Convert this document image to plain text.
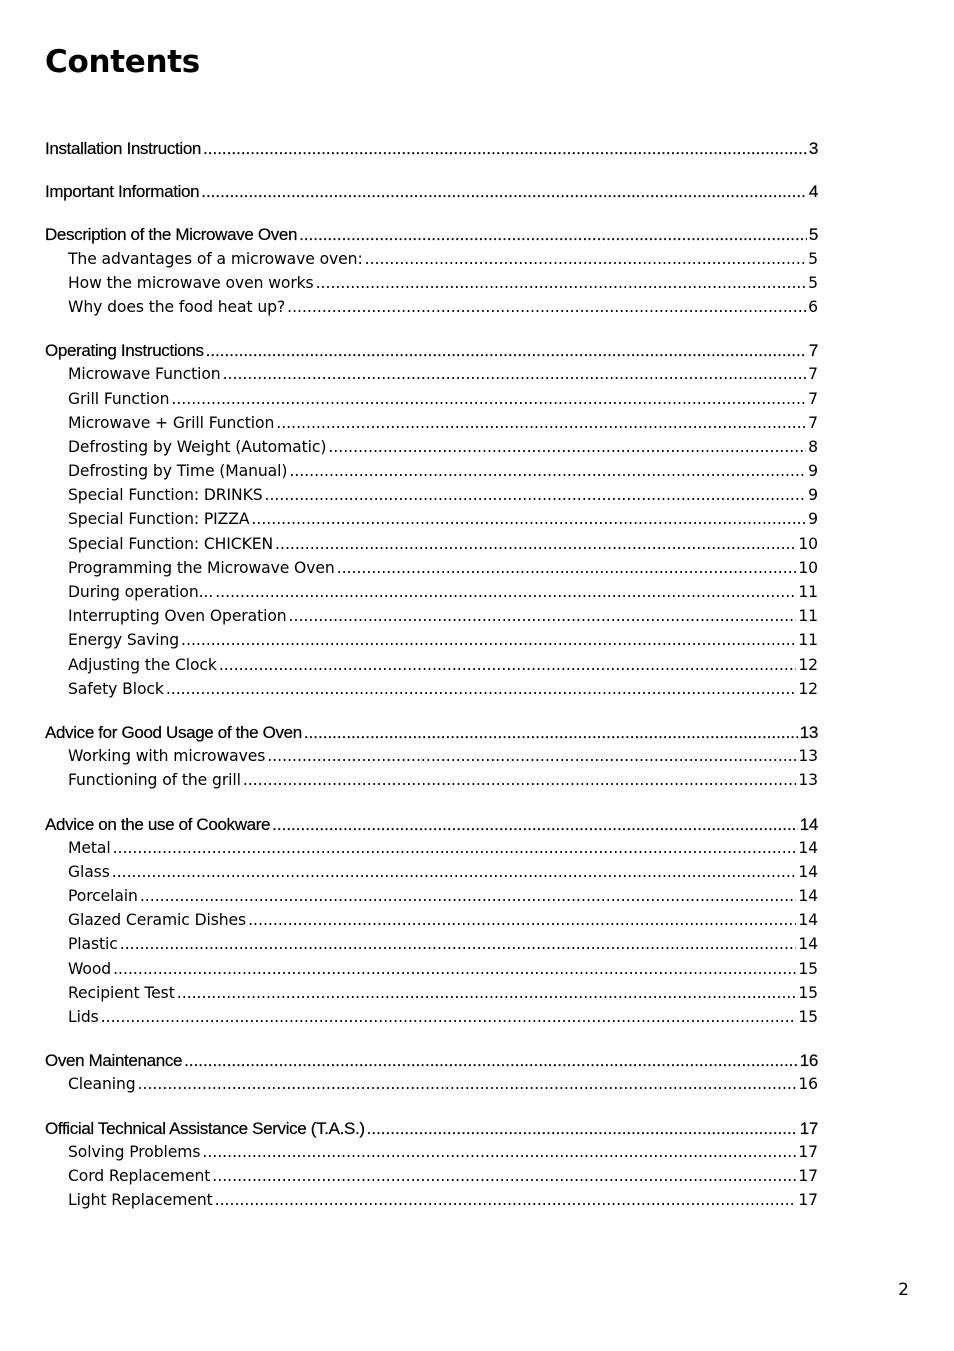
Contents
Installation Instruction .....	3
Important Information .....	4
Description of the Microwave Oven .....	5
The advantages of a microwave oven: .....	5
How the microwave oven works .....	5
Why does the food heat up? .....	6
Operating Instructions .....	7
Microwave Function .....	7
Grill Function .....	7
Microwave + Grill Function .....	7
Defrosting by Weight (Automatic) .....	8
Defrosting by Time (Manual) .....	9
Special Function: DRINKS .....	9
Special Function: PIZZA .....	9
Special Function: CHICKEN .....	10
Programming the Microwave Oven .....	10
During operation... .....	11
Interrupting Oven Operation .....	11
Energy Saving .....	11
Adjusting the Clock .....	12
Safety Block .....	12
Advice for Good Usage of the Oven .....	13
Working with microwaves .....	13
Functioning of the grill .....	13
Advice on the use of Cookware .....	14
Metal .....	14
Glass .....	14
Porcelain .....	14
Glazed Ceramic Dishes .....	14
Plastic .....	14
Wood .....	15
Recipient Test .....	15
Lids .....	15
Oven Maintenance .....	16
Cleaning .....	16
Official Technical Assistance Service (T.A.S.) .....	17
Solving Problems .....	17
Cord Replacement .....	17
Light Replacement .....	17
2
